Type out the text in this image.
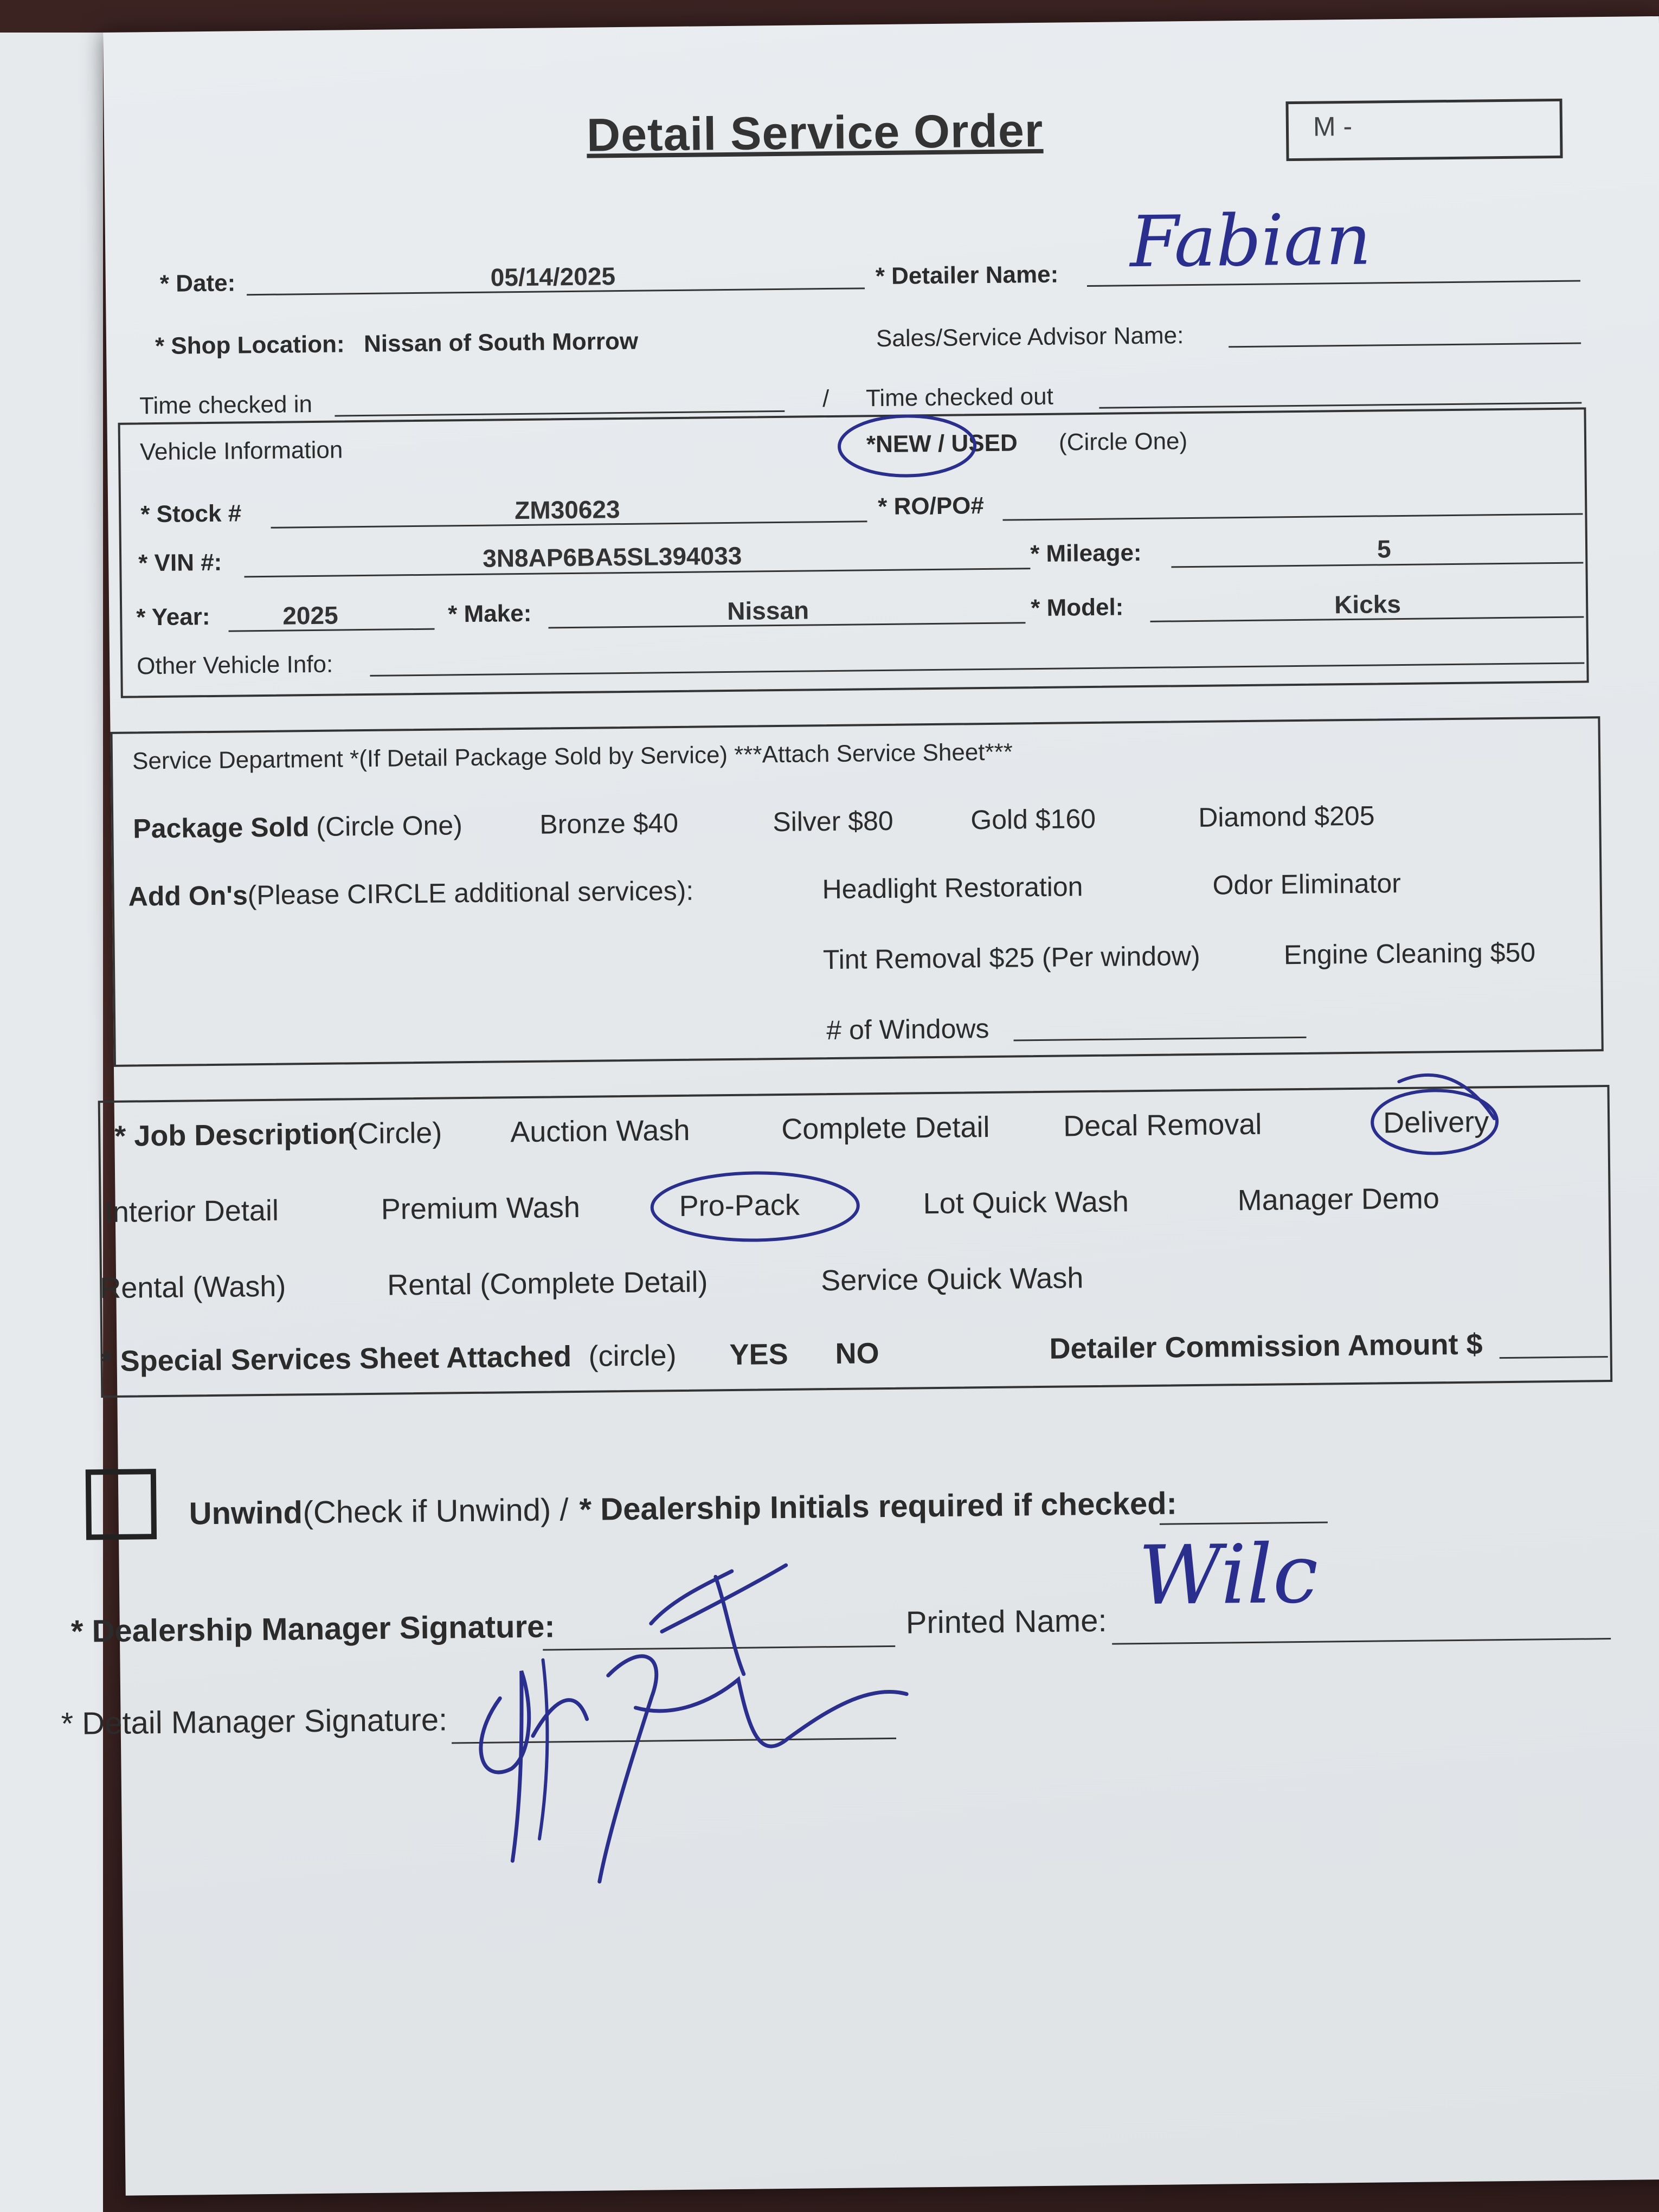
Detail Service Order	M -
* Date:	05/14/2025	* Detailer Name: Fabian
* Shop Location: Nissan of South Morrow	Sales/Service Advisor Name:
Time checked in	/ Time checked out
Vehicle Information	*NEW / USED (Circle One)
* Stock #	ZM30623	* RO/PO#
* VIN #:	3N8AP6BA5SL394033	* Mileage:	5
* Year:	2025	* Make:	Nissan	* Model:	Kicks
Other Vehicle Info:
Service Department *(If Detail Package Sold by Service) ***Attach Service Sheet***
Package Sold (Circle One)	Bronze $40	Silver $80	Gold $160	Diamond $205
Add On's (Please CIRCLE additional services):	Headlight Restoration	Odor Eliminator
Tint Removal $25 (Per window)	Engine Cleaning $50
# of Windows
* Job Description
(Circle) Auction Wash	Complete Detail	Decal Removal	Delivery
Interior Detail	Premium Wash	Pro-Pack	Lot Quick Wash	Manager Demo
Rental (Wash)	Rental (Complete Detail)	Service Quick Wash
* Special Services Sheet Attached (circle) YES NO	Detailer Commission Amount $
Unwind (Check if Unwind) / * Dealership Initials required if checked:
* Dealership Manager Signature:	Printed Name: Wilc
* Detail Manager Signature:
